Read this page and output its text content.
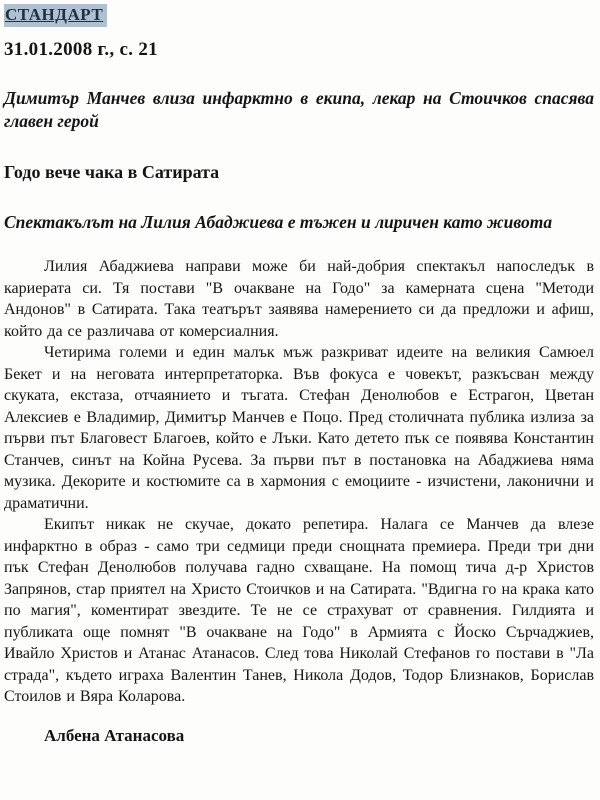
СТАНДАРТ
31.01.2008 г., с. 21
Димитър Манчев влиза инфарктно в екипа, лекар на Стоичков спасява главен герой
Годо вече чака в Сатирата
Спектакълът на Лилия Абаджиева е тъжен и лиричен като живота

Лилия Абаджиева направи може би най-добрия спектакъл напоследък в кариерата си. Тя постави "В очакване на Годо" за камерната сцена "Методи Андонов" в Сатирата. Така театърът заявява намерението си да предложи и афиш, който да се различава от комерсиалния.

Четирима големи и един малък мъж разкриват идеите на великия Самюел Бекет и на неговата интерпретаторка. Във фокуса е човекът, разкъсван между скуката, екстаза, отчаянието и тъгата. Стефан Денолюбов е Естрагон, Цветан Алексиев е Владимир, Димитър Манчев е Поцо. Пред столичната публика излиза за първи път Благовест Благоев, който е Лъки. Като детето пък се появява Константин Станчев, синът на Койна Русева. За първи път в постановка на Абаджиева няма музика. Декорите и костюмите са в хармония с емоциите - изчистени, лаконични и драматични.

Екипът никак не скучае, докато репетира. Налага се Манчев да влезе инфарктно в образ - само три седмици преди снощната премиера. Преди три дни пък Стефан Денолюбов получава гадно схващане. На помощ тича д-р Христов Запрянов, стар приятел на Христо Стоичков и на Сатирата. "Вдигна го на крака като по магия", коментират звездите. Те не се страхуват от сравнения. Гилдията и публиката още помнят "В очакване на Годо" в Армията с Йоско Сърчаджиев, Ивайло Христов и Атанас Атанасов. След това Николай Стефанов го постави в "Ла страда", където играха Валентин Танев, Никола Додов, Тодор Близнаков, Борислав Стоилов и Вяра Коларова.

Албена Атанасова
